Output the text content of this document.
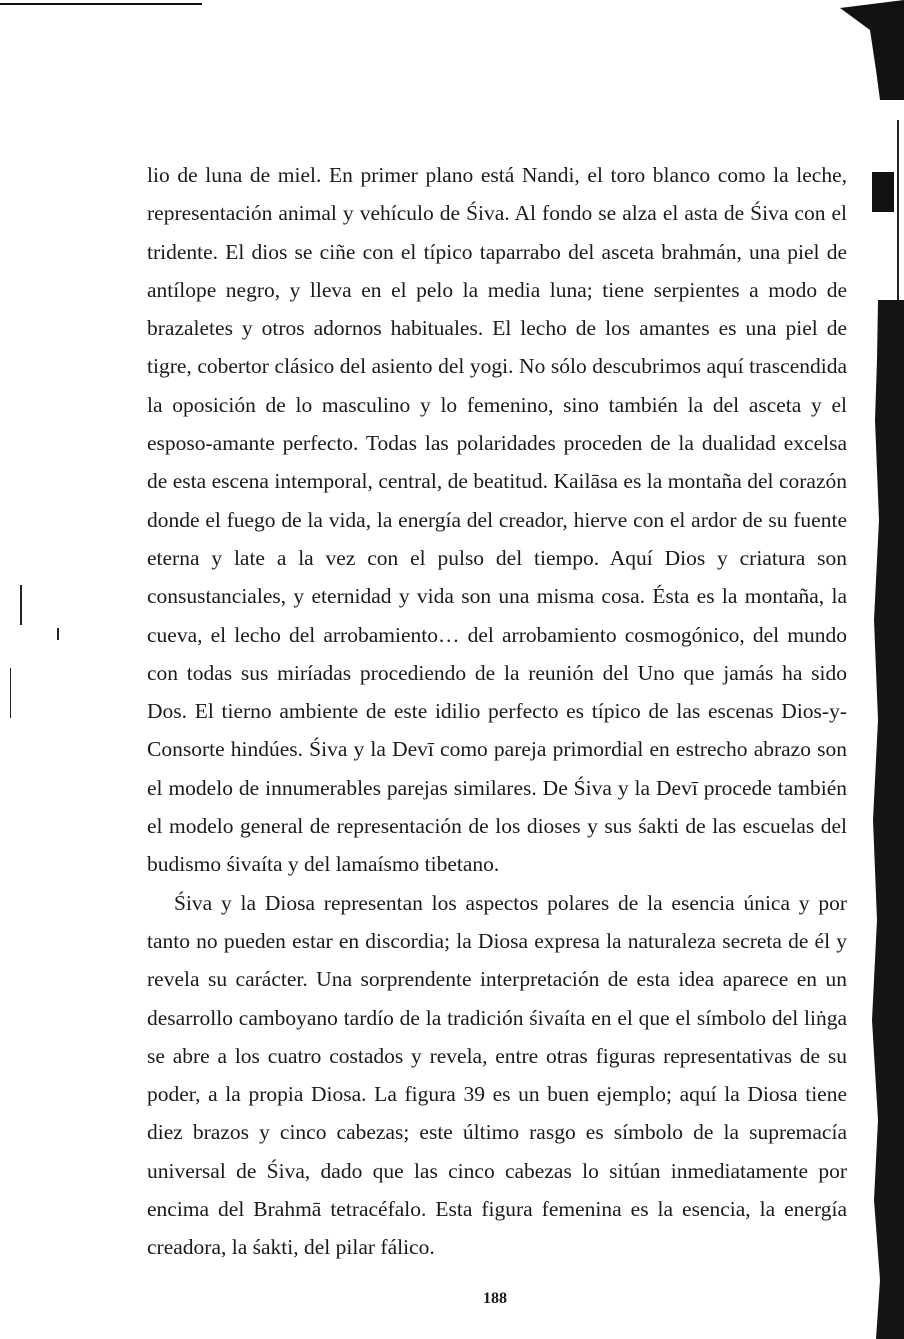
lio de luna de miel. En primer plano está Nandi, el toro blanco como la leche, representación animal y vehículo de Śiva. Al fondo se alza el asta de Śiva con el tridente. El dios se ciñe con el típico taparrabo del asceta brahmán, una piel de antílope negro, y lleva en el pelo la media luna; tiene serpientes a modo de brazaletes y otros adornos habituales. El lecho de los amantes es una piel de tigre, cobertor clásico del asiento del yogi. No sólo descubrimos aquí trascendida la oposición de lo masculino y lo femenino, sino también la del asceta y el esposo-amante perfecto. Todas las polaridades proceden de la dualidad excelsa de esta escena intemporal, central, de beatitud. Kailāsa es la montaña del corazón donde el fuego de la vida, la energía del creador, hierve con el ardor de su fuente eterna y late a la vez con el pulso del tiempo. Aquí Dios y criatura son consustanciales, y eternidad y vida son una misma cosa. Ésta es la montaña, la cueva, el lecho del arrobamiento… del arrobamiento cosmogónico, del mundo con todas sus miríadas procediendo de la reunión del Uno que jamás ha sido Dos. El tierno ambiente de este idilio perfecto es típico de las escenas Dios-y-Consorte hindúes. Śiva y la Devī como pareja primordial en estrecho abrazo son el modelo de innumerables parejas similares. De Śiva y la Devī procede también el modelo general de representación de los dioses y sus śakti de las escuelas del budismo śivaíta y del lamaísmo tibetano.

Śiva y la Diosa representan los aspectos polares de la esencia única y por tanto no pueden estar en discordia; la Diosa expresa la naturaleza secreta de él y revela su carácter. Una sorprendente interpretación de esta idea aparece en un desarrollo camboyano tardío de la tradición śivaíta en el que el símbolo del liṅga se abre a los cuatro costados y revela, entre otras figuras representativas de su poder, a la propia Diosa. La figura 39 es un buen ejemplo; aquí la Diosa tiene diez brazos y cinco cabezas; este último rasgo es símbolo de la supremacía universal de Śiva, dado que las cinco cabezas lo sitúan inmediatamente por encima del Brahmā tetracéfalo. Esta figura femenina es la esencia, la energía creadora, la śakti, del pilar fálico.

188
